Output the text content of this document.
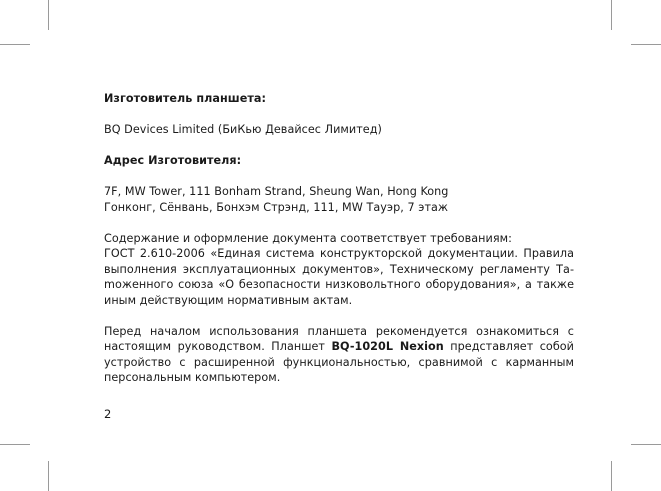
Изготовитель планшета:

BQ Devices Limited (БиКью Девайсес Лимитед)

Адрес Изготовителя:

7F, MW Tower, 111 Bonham Strand, Sheung Wan, Hong Kong

Гонконг, Сёнвань, Бонхэм Стрэнд, 111, MW Тауэр, 7 этаж

Содержание и оформление документа соответствует требованиям:

ГОСТ 2.610-2006 «Единая система конструкторской документации. Правила выполнения эксплуатационных документов», Техническому регламенту Таmоженного союза «О безопасности низковольтного оборудования», а также иным действующим нормативным актам.

Перед началом использования планшета рекомендуется ознакомиться с настоящим руководством. Планшет BQ-1020L Nexion представляет собой устройство с расширенной функциональностью, сравнимой с карманным персональным компьютером.

2
